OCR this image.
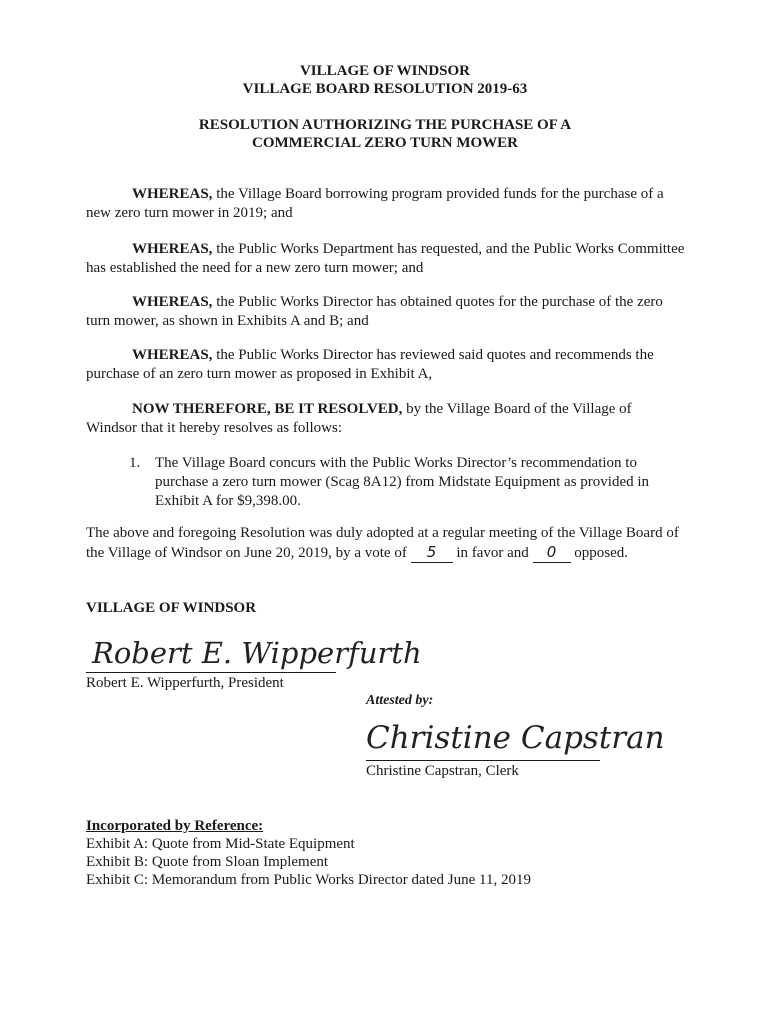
VILLAGE OF WINDSOR
VILLAGE BOARD RESOLUTION 2019-63
RESOLUTION AUTHORIZING THE PURCHASE OF A
COMMERCIAL ZERO TURN MOWER
WHEREAS, the Village Board borrowing program provided funds for the purchase of a new zero turn mower in 2019; and
WHEREAS, the Public Works Department has requested, and the Public Works Committee has established the need for a new zero turn mower; and
WHEREAS, the Public Works Director has obtained quotes for the purchase of the zero turn mower, as shown in Exhibits A and B; and
WHEREAS, the Public Works Director has reviewed said quotes and recommends the purchase of an zero turn mower as proposed in Exhibit A,
NOW THEREFORE, BE IT RESOLVED, by the Village Board of the Village of Windsor that it hereby resolves as follows:
1. The Village Board concurs with the Public Works Director’s recommendation to purchase a zero turn mower (Scag 8A12) from Midstate Equipment as provided in Exhibit A for $9,398.00.
The above and foregoing Resolution was duly adopted at a regular meeting of the Village Board of the Village of Windsor on June 20, 2019, by a vote of 5 in favor and 0 opposed.
VILLAGE OF WINDSOR
Robert E. Wipperfurth
Robert E. Wipperfurth, President
Attested by:
Christine Capstran
Christine Capstran, Clerk
Incorporated by Reference:
Exhibit A: Quote from Mid-State Equipment
Exhibit B: Quote from Sloan Implement
Exhibit C: Memorandum from Public Works Director dated June 11, 2019
